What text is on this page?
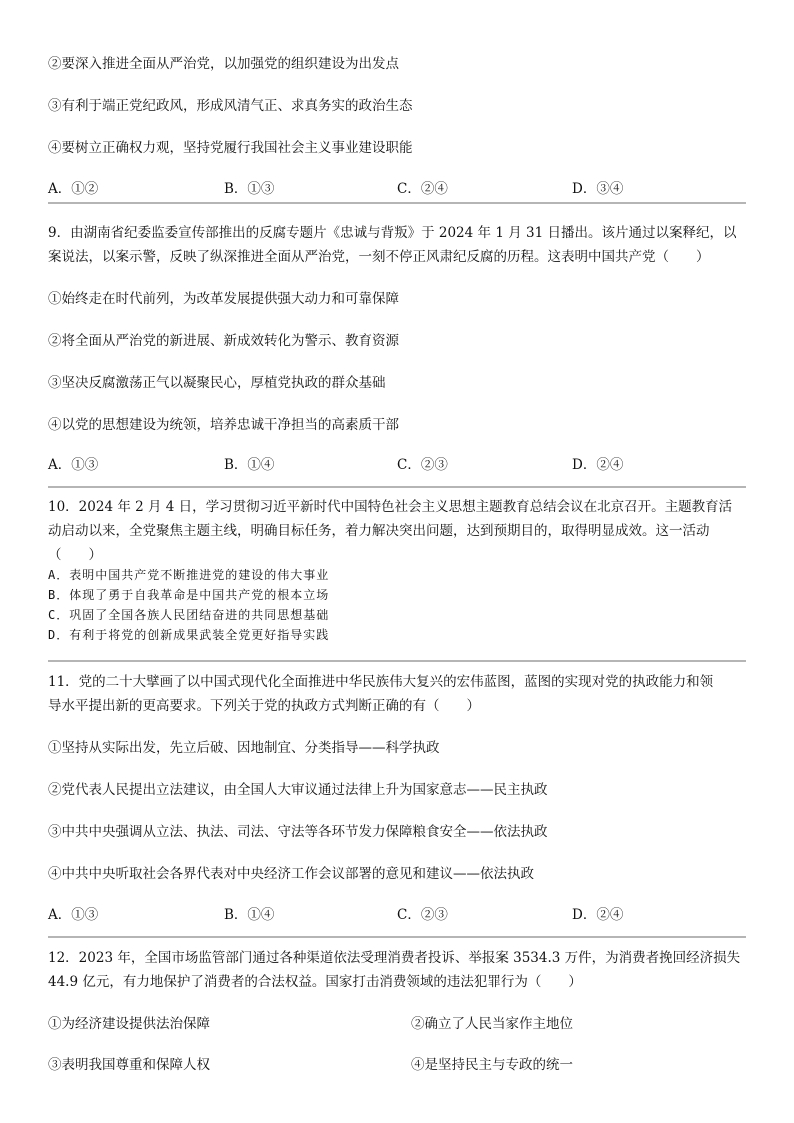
②要深入推进全面从严治党，以加强党的组织建设为出发点
③有利于端正党纪政风，形成风清气正、求真务实的政治生态
④要树立正确权力观，坚持党履行我国社会主义事业建设职能
A．①②	B．①③	C．②④	D．③④
9．由湖南省纪委监委宣传部推出的反腐专题片《忠诚与背叛》于 2024 年 1 月 31 日播出。该片通过以案释纪，以
案说法，以案示警，反映了纵深推进全面从严治党，一刻不停正风肃纪反腐的历程。这表明中国共产党（　　）
①始终走在时代前列，为改革发展提供强大动力和可靠保障
②将全面从严治党的新进展、新成效转化为警示、教育资源
③坚决反腐激荡正气以凝聚民心，厚植党执政的群众基础
④以党的思想建设为统领，培养忠诚干净担当的高素质干部
A．①③	B．①④	C．②③	D．②④
10．2024 年 2 月 4 日，学习贯彻习近平新时代中国特色社会主义思想主题教育总结会议在北京召开。主题教育活
动启动以来，全党聚焦主题主线，明确目标任务，着力解决突出问题，达到预期目的，取得明显成效。这一活动
（　　）
A．表明中国共产党不断推进党的建设的伟大事业
B．体现了勇于自我革命是中国共产党的根本立场
C．巩固了全国各族人民团结奋进的共同思想基础
D．有利于将党的创新成果武装全党更好指导实践
11．党的二十大擘画了以中国式现代化全面推进中华民族伟大复兴的宏伟蓝图，蓝图的实现对党的执政能力和领
导水平提出新的更高要求。下列关于党的执政方式判断正确的有（　　）
①坚持从实际出发，先立后破、因地制宜、分类指导——科学执政
②党代表人民提出立法建议，由全国人大审议通过法律上升为国家意志——民主执政
③中共中央强调从立法、执法、司法、守法等各环节发力保障粮食安全——依法执政
④中共中央听取社会各界代表对中央经济工作会议部署的意见和建议——依法执政
A．①③	B．①④	C．②③	D．②④
12．2023 年，全国市场监管部门通过各种渠道依法受理消费者投诉、举报案 3534.3 万件，为消费者挽回经济损失
44.9 亿元，有力地保护了消费者的合法权益。国家打击消费领域的违法犯罪行为（　　）
①为经济建设提供法治保障	②确立了人民当家作主地位
③表明我国尊重和保障人权	④是坚持民主与专政的统一
